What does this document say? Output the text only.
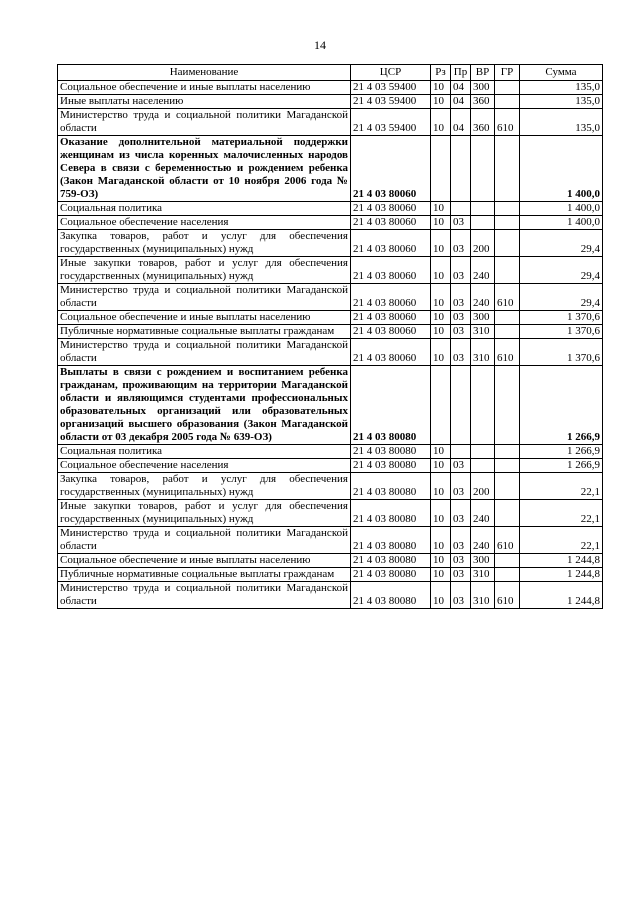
14
Наименование	ЦСР	Рз	Пр	ВР	ГР	Сумма
Социальное обеспечение и иные выплаты населению	21 4 03 59400	10	04	300		135,0
Иные выплаты населению	21 4 03 59400	10	04	360		135,0
Министерство труда и социальной политики Магаданской области	21 4 03 59400	10	04	360	610	135,0
Оказание дополнительной материальной поддержки женщинам из числа коренных малочисленных народов Севера в связи с беременностью и рождением ребенка (Закон Магаданской области от 10 ноября 2006 года № 759-ОЗ)	21 4 03 80060					1 400,0
Социальная политика	21 4 03 80060	10				1 400,0
Социальное обеспечение населения	21 4 03 80060	10	03			1 400,0
Закупка товаров, работ и услуг для обеспечения государственных (муниципальных) нужд	21 4 03 80060	10	03	200		29,4
Иные закупки товаров, работ и услуг для обеспечения государственных (муниципальных) нужд	21 4 03 80060	10	03	240		29,4
Министерство труда и социальной политики Магаданской области	21 4 03 80060	10	03	240	610	29,4
Социальное обеспечение и иные выплаты населению	21 4 03 80060	10	03	300		1 370,6
Публичные нормативные социальные выплаты гражданам	21 4 03 80060	10	03	310		1 370,6
Министерство труда и социальной политики Магаданской области	21 4 03 80060	10	03	310	610	1 370,6
Выплаты в связи с рождением и воспитанием ребенка гражданам, проживающим на территории Магаданской области и являющимся студентами профессиональных образовательных организаций или образовательных организаций высшего образования (Закон Магаданской области от 03 декабря 2005 года № 639-ОЗ)	21 4 03 80080					1 266,9
Социальная политика	21 4 03 80080	10				1 266,9
Социальное обеспечение населения	21 4 03 80080	10	03			1 266,9
Закупка товаров, работ и услуг для обеспечения государственных (муниципальных) нужд	21 4 03 80080	10	03	200		22,1
Иные закупки товаров, работ и услуг для обеспечения государственных (муниципальных) нужд	21 4 03 80080	10	03	240		22,1
Министерство труда и социальной политики Магаданской области	21 4 03 80080	10	03	240	610	22,1
Социальное обеспечение и иные выплаты населению	21 4 03 80080	10	03	300		1 244,8
Публичные нормативные социальные выплаты гражданам	21 4 03 80080	10	03	310		1 244,8
Министерство труда и социальной политики Магаданской области	21 4 03 80080	10	03	310	610	1 244,8
